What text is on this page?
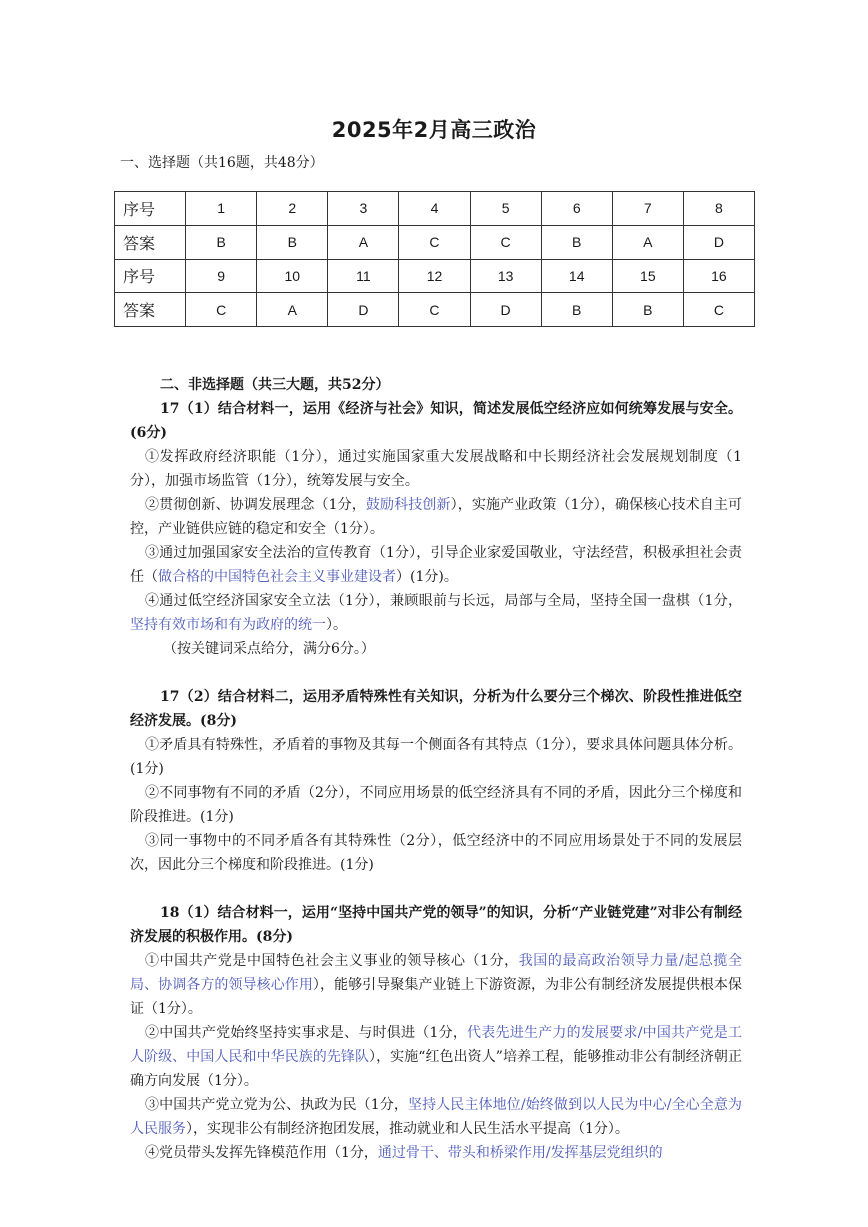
2025年2月高三政治
一、选择题（共16题，共48分）
序号	1	2	3	4	5	6	7	8
答案	B	B	A	C	C	B	A	D
序号	9	10	11	12	13	14	15	16
答案	C	A	D	C	D	B	B	C

二、非选择题（共三大题，共52分）

17（1）结合材料一，运用《经济与社会》知识，简述发展低空经济应如何统筹发展与安全。(6分)

①发挥政府经济职能（1分），通过实施国家重大发展战略和中长期经济社会发展规划制度（1分），加强市场监管（1分），统筹发展与安全。

②贯彻创新、协调发展理念（1分，鼓励科技创新），实施产业政策（1分），确保核心技术自主可控，产业链供应链的稳定和安全（1分）。

③通过加强国家安全法治的宣传教育（1分），引导企业家爱国敬业，守法经营，积极承担社会责任（做合格的中国特色社会主义事业建设者）(1分)。

④通过低空经济国家安全立法（1分），兼顾眼前与长远，局部与全局，坚持全国一盘棋（1分，坚持有效市场和有为政府的统一）。

（按关键词采点给分，满分6分。）

17（2）结合材料二，运用矛盾特殊性有关知识，分析为什么要分三个梯次、阶段性推进低空经济发展。(8分)

①矛盾具有特殊性，矛盾着的事物及其每一个侧面各有其特点（1分），要求具体问题具体分析。(1分)

②不同事物有不同的矛盾（2分），不同应用场景的低空经济具有不同的矛盾，因此分三个梯度和阶段推进。(1分)

③同一事物中的不同矛盾各有其特殊性（2分），低空经济中的不同应用场景处于不同的发展层次，因此分三个梯度和阶段推进。(1分)

18（1）结合材料一，运用“坚持中国共产党的领导”的知识，分析“产业链党建”对非公有制经济发展的积极作用。(8分)

①中国共产党是中国特色社会主义事业的领导核心（1分，我国的最高政治领导力量/起总揽全局、协调各方的领导核心作用），能够引导聚集产业链上下游资源，为非公有制经济发展提供根本保证（1分）。

②中国共产党始终坚持实事求是、与时俱进（1分，代表先进生产力的发展要求/中国共产党是工人阶级、中国人民和中华民族的先锋队），实施“红色出资人”培养工程，能够推动非公有制经济朝正确方向发展（1分）。

③中国共产党立党为公、执政为民（1分，坚持人民主体地位/始终做到以人民为中心/全心全意为人民服务），实现非公有制经济抱团发展，推动就业和人民生活水平提高（1分）。

④党员带头发挥先锋模范作用（1分，通过骨干、带头和桥梁作用/发挥基层党组织的
